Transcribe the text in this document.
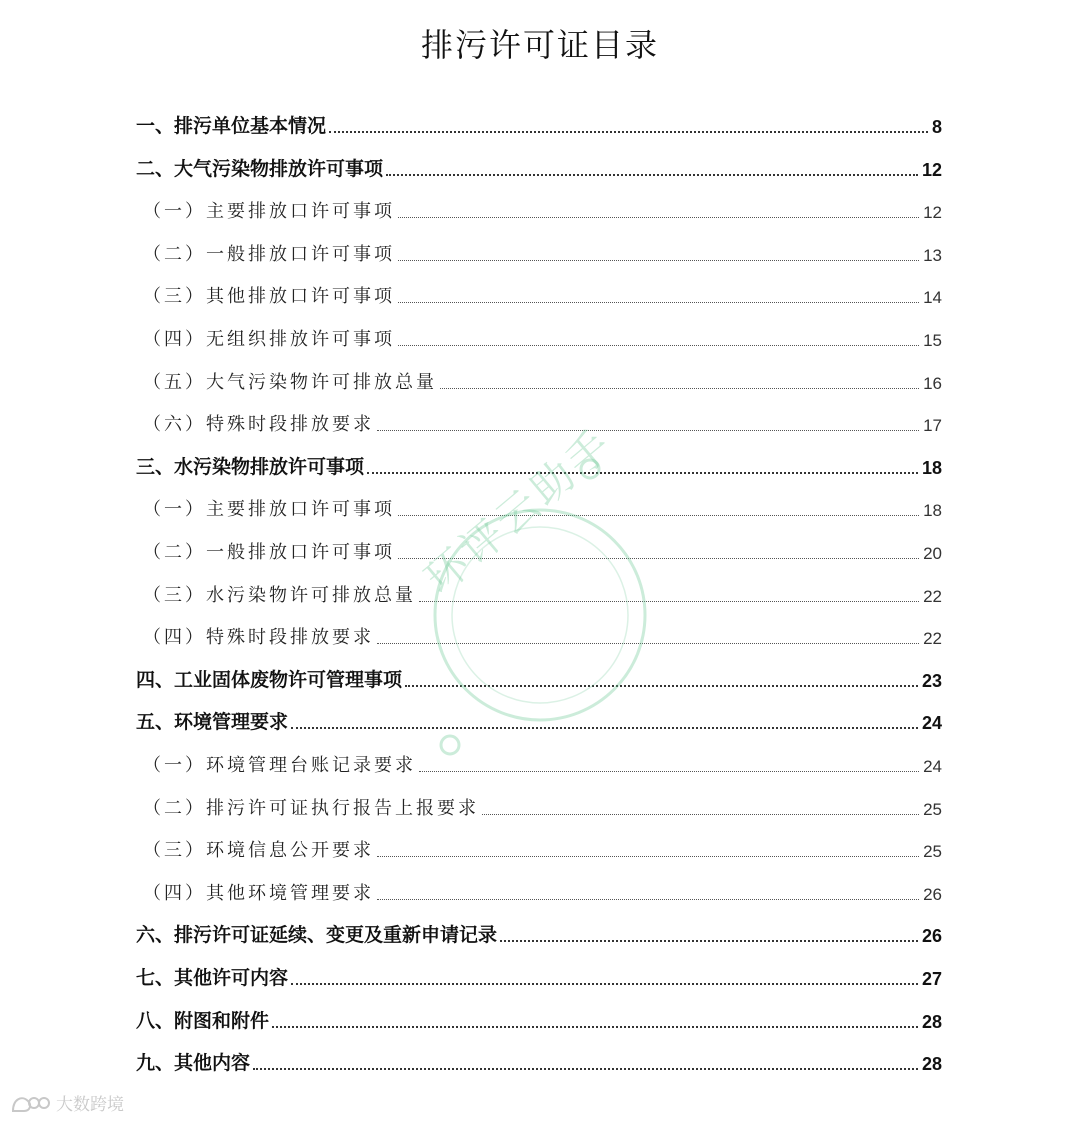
排污许可证目录
一、排污单位基本情况	8
二、大气污染物排放许可事项	12
（一）主要排放口许可事项	12
（二）一般排放口许可事项	13
（三）其他排放口许可事项	14
（四）无组织排放许可事项	15
（五）大气污染物许可排放总量	16
（六）特殊时段排放要求	17
三、水污染物排放许可事项	18
（一）主要排放口许可事项	18
（二）一般排放口许可事项	20
（三）水污染物许可排放总量	22
（四）特殊时段排放要求	22
四、工业固体废物许可管理事项	23
五、环境管理要求	24
（一）环境管理台账记录要求	24
（二）排污许可证执行报告上报要求	25
（三）环境信息公开要求	25
（四）其他环境管理要求	26
六、排污许可证延续、变更及重新申请记录	26
七、其他许可内容	27
八、附图和附件	28
九、其他内容	28
环评云助手
大数跨境
